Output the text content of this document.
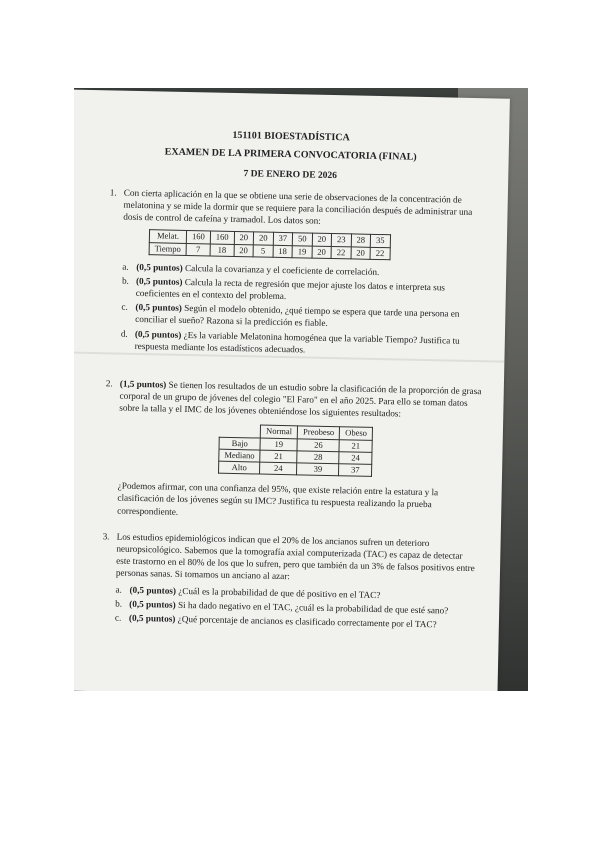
151101 BIOESTADÍSTICA
EXAMEN DE LA PRIMERA CONVOCATORIA (FINAL)
7 DE ENERO DE 2026
1. Con cierta aplicación en la que se obtiene una serie de observaciones de la concentración de melatonina y se mide la dormir que se requiere para la conciliación después de administrar una dosis de control de cafeína y tramadol. Los datos son:
Melat.	160	160	20	20	37	50	20	23	28	35
Tiempo	7	18	20	5	18	19	20	22	20	22
a. (0,5 puntos) Calcula la covarianza y el coeficiente de correlación.
b. (0,5 puntos) Calcula la recta de regresión que mejor ajuste los datos e interpreta sus coeficientes en el contexto del problema.
c. (0,5 puntos) Según el modelo obtenido, ¿qué tiempo se espera que tarde una persona en conciliar el sueño? Razona si la predicción es fiable.
d. (0,5 puntos) ¿Es la variable Melatonina homogénea que la variable Tiempo? Justifica tu respuesta mediante los estadísticos adecuados.
2. (1,5 puntos) Se tienen los resultados de un estudio sobre la clasificación de la proporción de grasa corporal de un grupo de jóvenes del colegio "El Faro" en el año 2025. Para ello se toman datos sobre la talla y el IMC de los jóvenes obteniéndose los siguientes resultados:
	Normal	Preobeso	Obeso
Bajo	19	26	21
Mediano	21	28	24
Alto	24	39	37
¿Podemos afirmar, con una confianza del 95%, que existe relación entre la estatura y la clasificación de los jóvenes según su IMC? Justifica tu respuesta realizando la prueba correspondiente.
3. Los estudios epidemiológicos indican que el 20% de los ancianos sufren un deterioro neuropsicológico. Sabemos que la tomografía axial computerizada (TAC) es capaz de detectar este trastorno en el 80% de los que lo sufren, pero que también da un 3% de falsos positivos entre personas sanas. Si tomamos un anciano al azar:
a. (0,5 puntos) ¿Cuál es la probabilidad de que dé positivo en el TAC?
b. (0,5 puntos) Si ha dado negativo en el TAC, ¿cuál es la probabilidad de que esté sano?
c. (0,5 puntos) ¿Qué porcentaje de ancianos es clasificado correctamente por el TAC?
